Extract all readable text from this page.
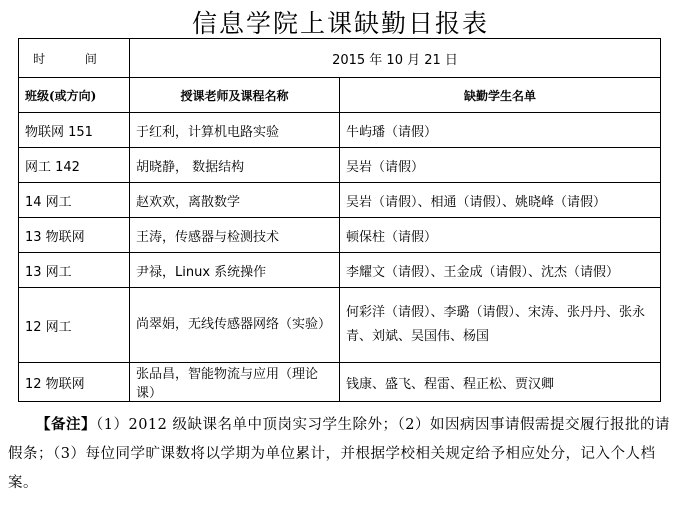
信息学院上课缺勤日报表
时 间	2015 年 10 月 21 日	
班级(或方向)	授课老师及课程名称	缺勤学生名单
物联网 151	于红利，计算机电路实验	牛屿璠（请假）
网工 142	胡晓静， 数据结构	吴岩（请假）
14 网工	赵欢欢，离散数学	吴岩（请假）、相通（请假）、姚晓峰（请假）
13 物联网	王涛，传感器与检测技术	顿保柱（请假）
13 网工	尹禄，Linux 系统操作	李耀文（请假）、王金成（请假）、沈杰（请假）
12 网工	尚翠娟，无线传感器网络（实验）	何彩洋（请假）、李璐（请假）、宋涛、张丹丹、张永青、刘斌、吴国伟、杨国
12 物联网	张品昌，智能物流与应用（理论课）	钱康、盛飞、程雷、程正松、贾汉卿
【备注】（1）2012 级缺课名单中顶岗实习学生除外；（2）如因病因事请假需提交履行报批的请假条；（3）每位同学旷课数将以学期为单位累计，并根据学校相关规定给予相应处分，记入个人档案。
